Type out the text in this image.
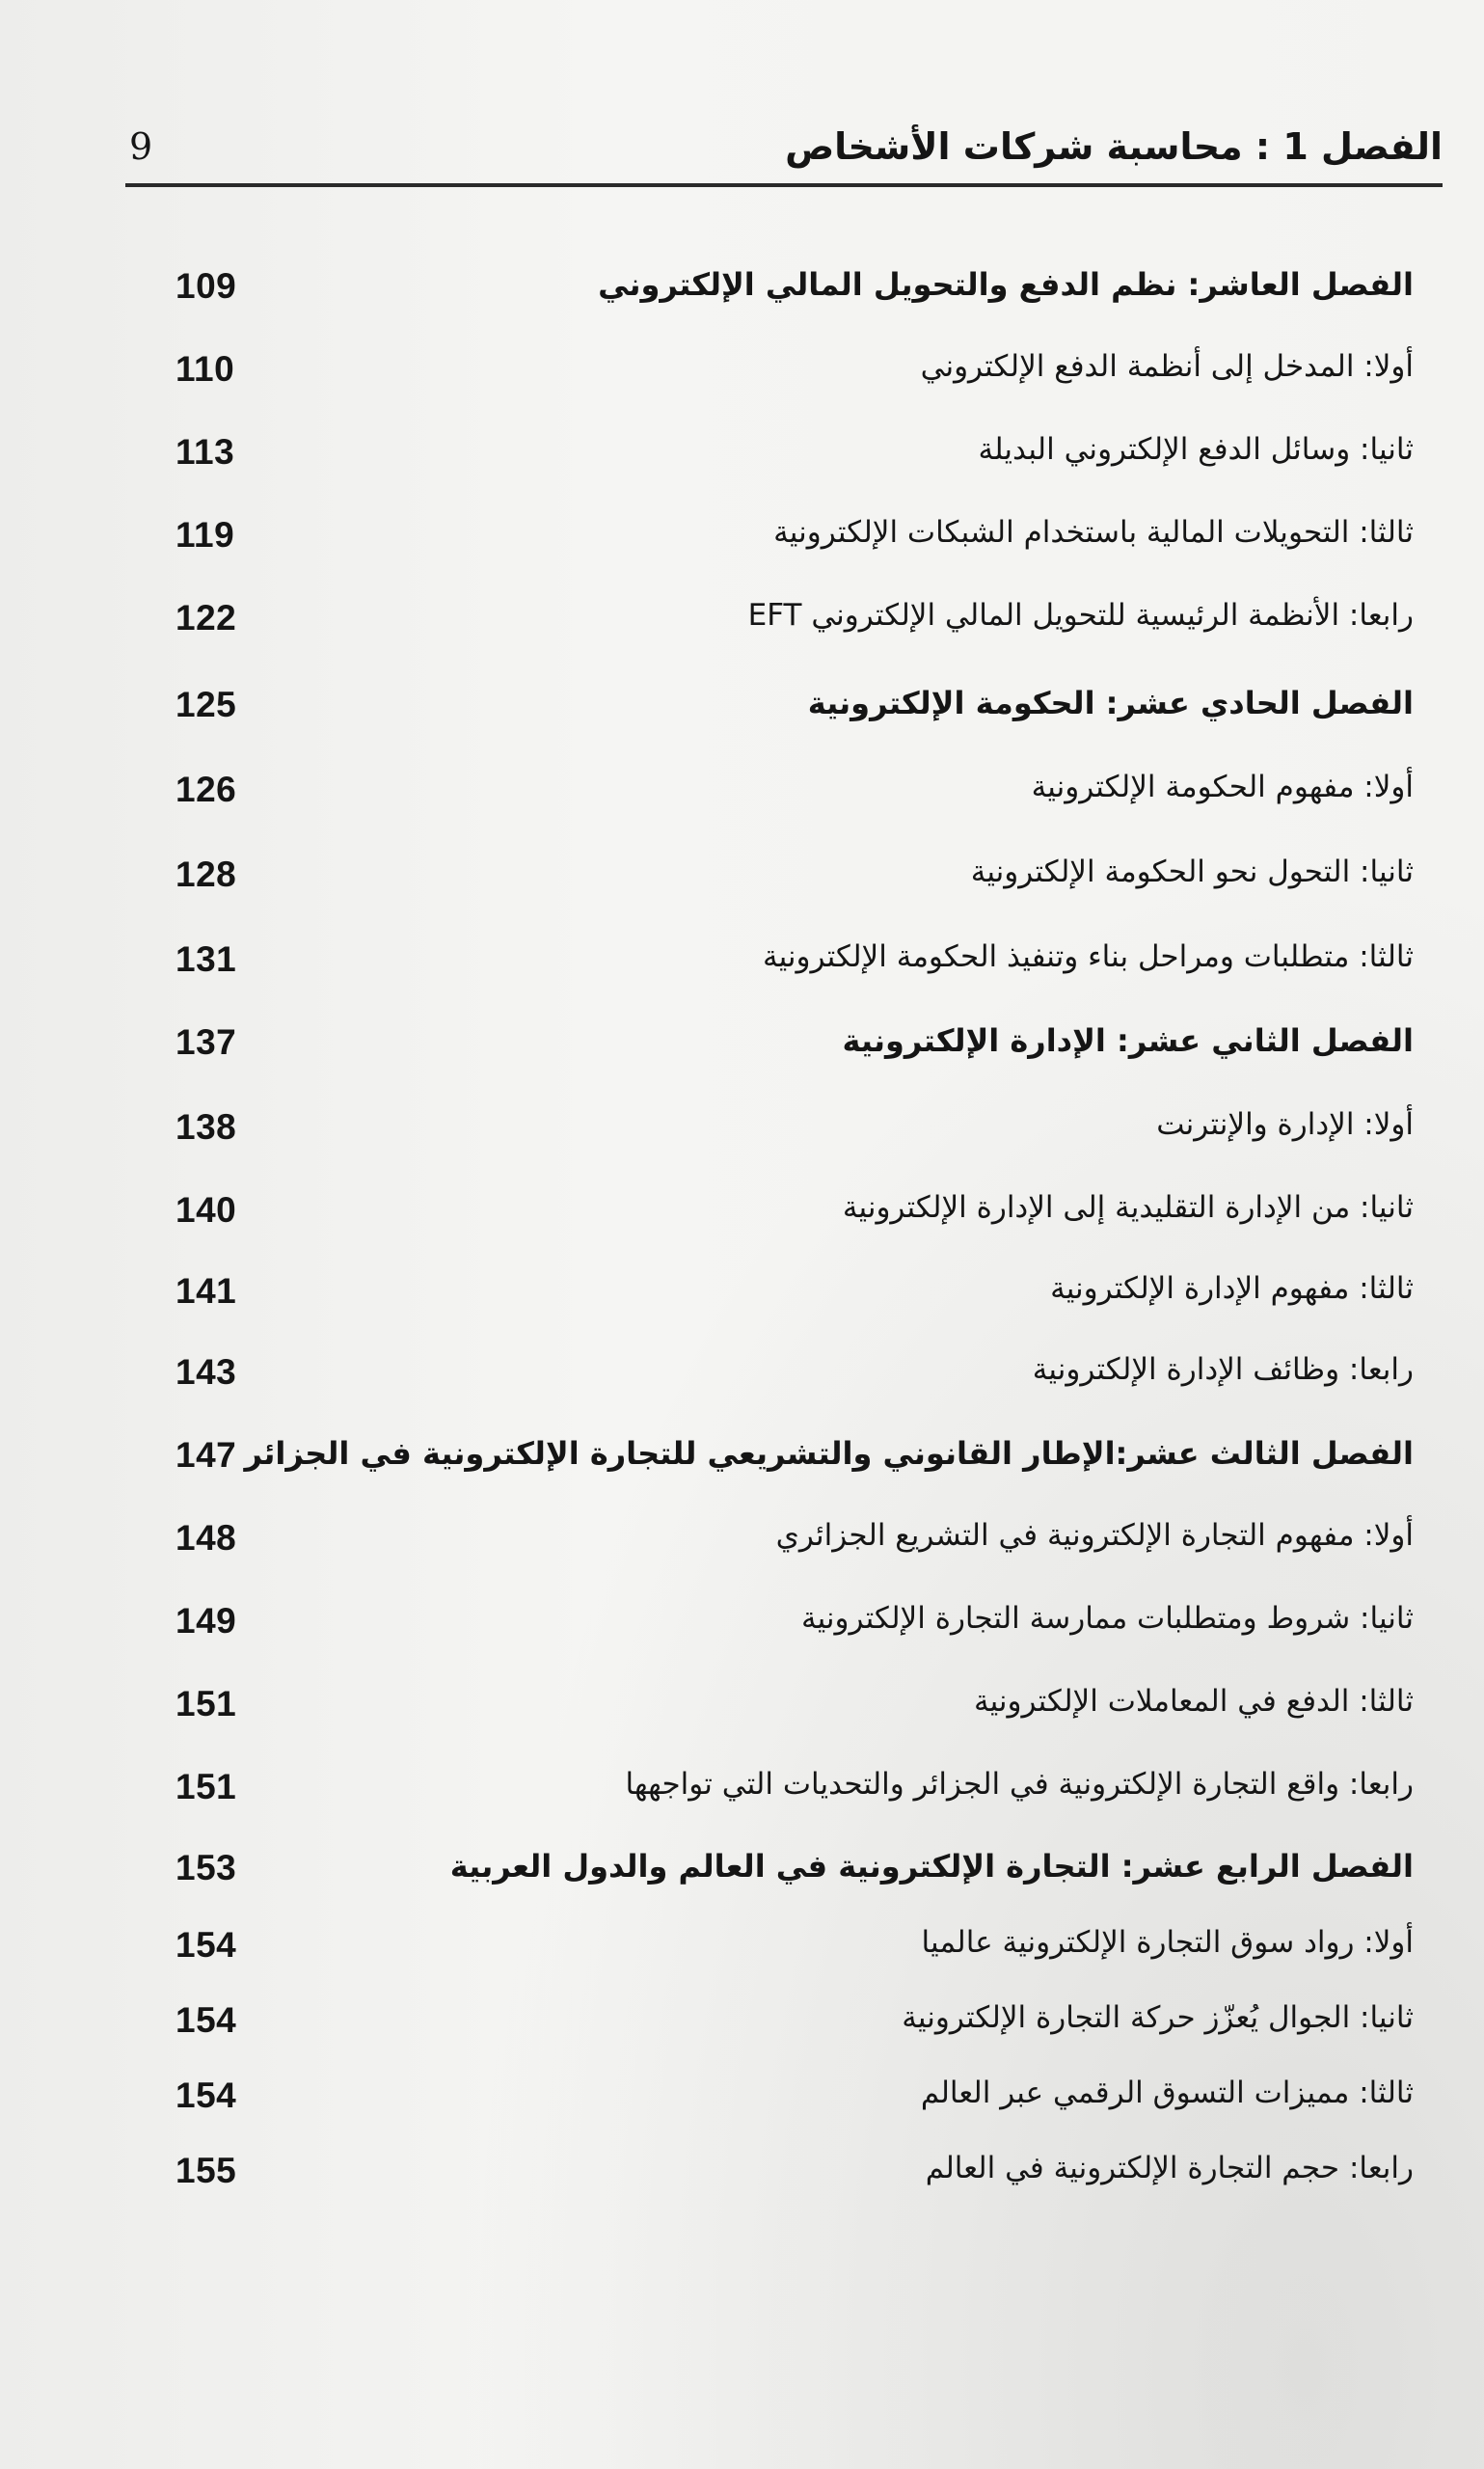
الفصل 1 : محاسبة شركات الأشخاص
9
الفصل العاشر: نظم الدفع والتحويل المالي الإلكتروني
109
أولا: المدخل إلى أنظمة الدفع الإلكتروني
110
ثانيا: وسائل الدفع الإلكتروني البديلة
113
ثالثا: التحويلات المالية باستخدام الشبكات الإلكترونية
119
رابعا: الأنظمة الرئيسية للتحويل المالي الإلكتروني EFT
122
الفصل الحادي عشر: الحكومة الإلكترونية
125
أولا: مفهوم الحكومة الإلكترونية
126
ثانيا: التحول نحو الحكومة الإلكترونية
128
ثالثا: متطلبات ومراحل بناء وتنفيذ الحكومة الإلكترونية
131
الفصل الثاني عشر: الإدارة الإلكترونية
137
أولا: الإدارة والإنترنت
138
ثانيا: من الإدارة التقليدية إلى الإدارة الإلكترونية
140
ثالثا: مفهوم الإدارة الإلكترونية
141
رابعا: وظائف الإدارة الإلكترونية
143
الفصل الثالث عشر:الإطار القانوني والتشريعي للتجارة الإلكترونية في الجزائر
147
أولا: مفهوم التجارة الإلكترونية في التشريع الجزائري
148
ثانيا: شروط ومتطلبات ممارسة التجارة الإلكترونية
149
ثالثا: الدفع في المعاملات الإلكترونية
151
رابعا: واقع التجارة الإلكترونية في الجزائر والتحديات التي تواجهها
151
الفصل الرابع عشر: التجارة الإلكترونية في العالم والدول العربية
153
أولا: رواد سوق التجارة الإلكترونية عالميا
154
ثانيا: الجوال يُعزّز حركة التجارة الإلكترونية
154
ثالثا: مميزات التسوق الرقمي عبر العالم
154
رابعا: حجم التجارة الإلكترونية في العالم
155
